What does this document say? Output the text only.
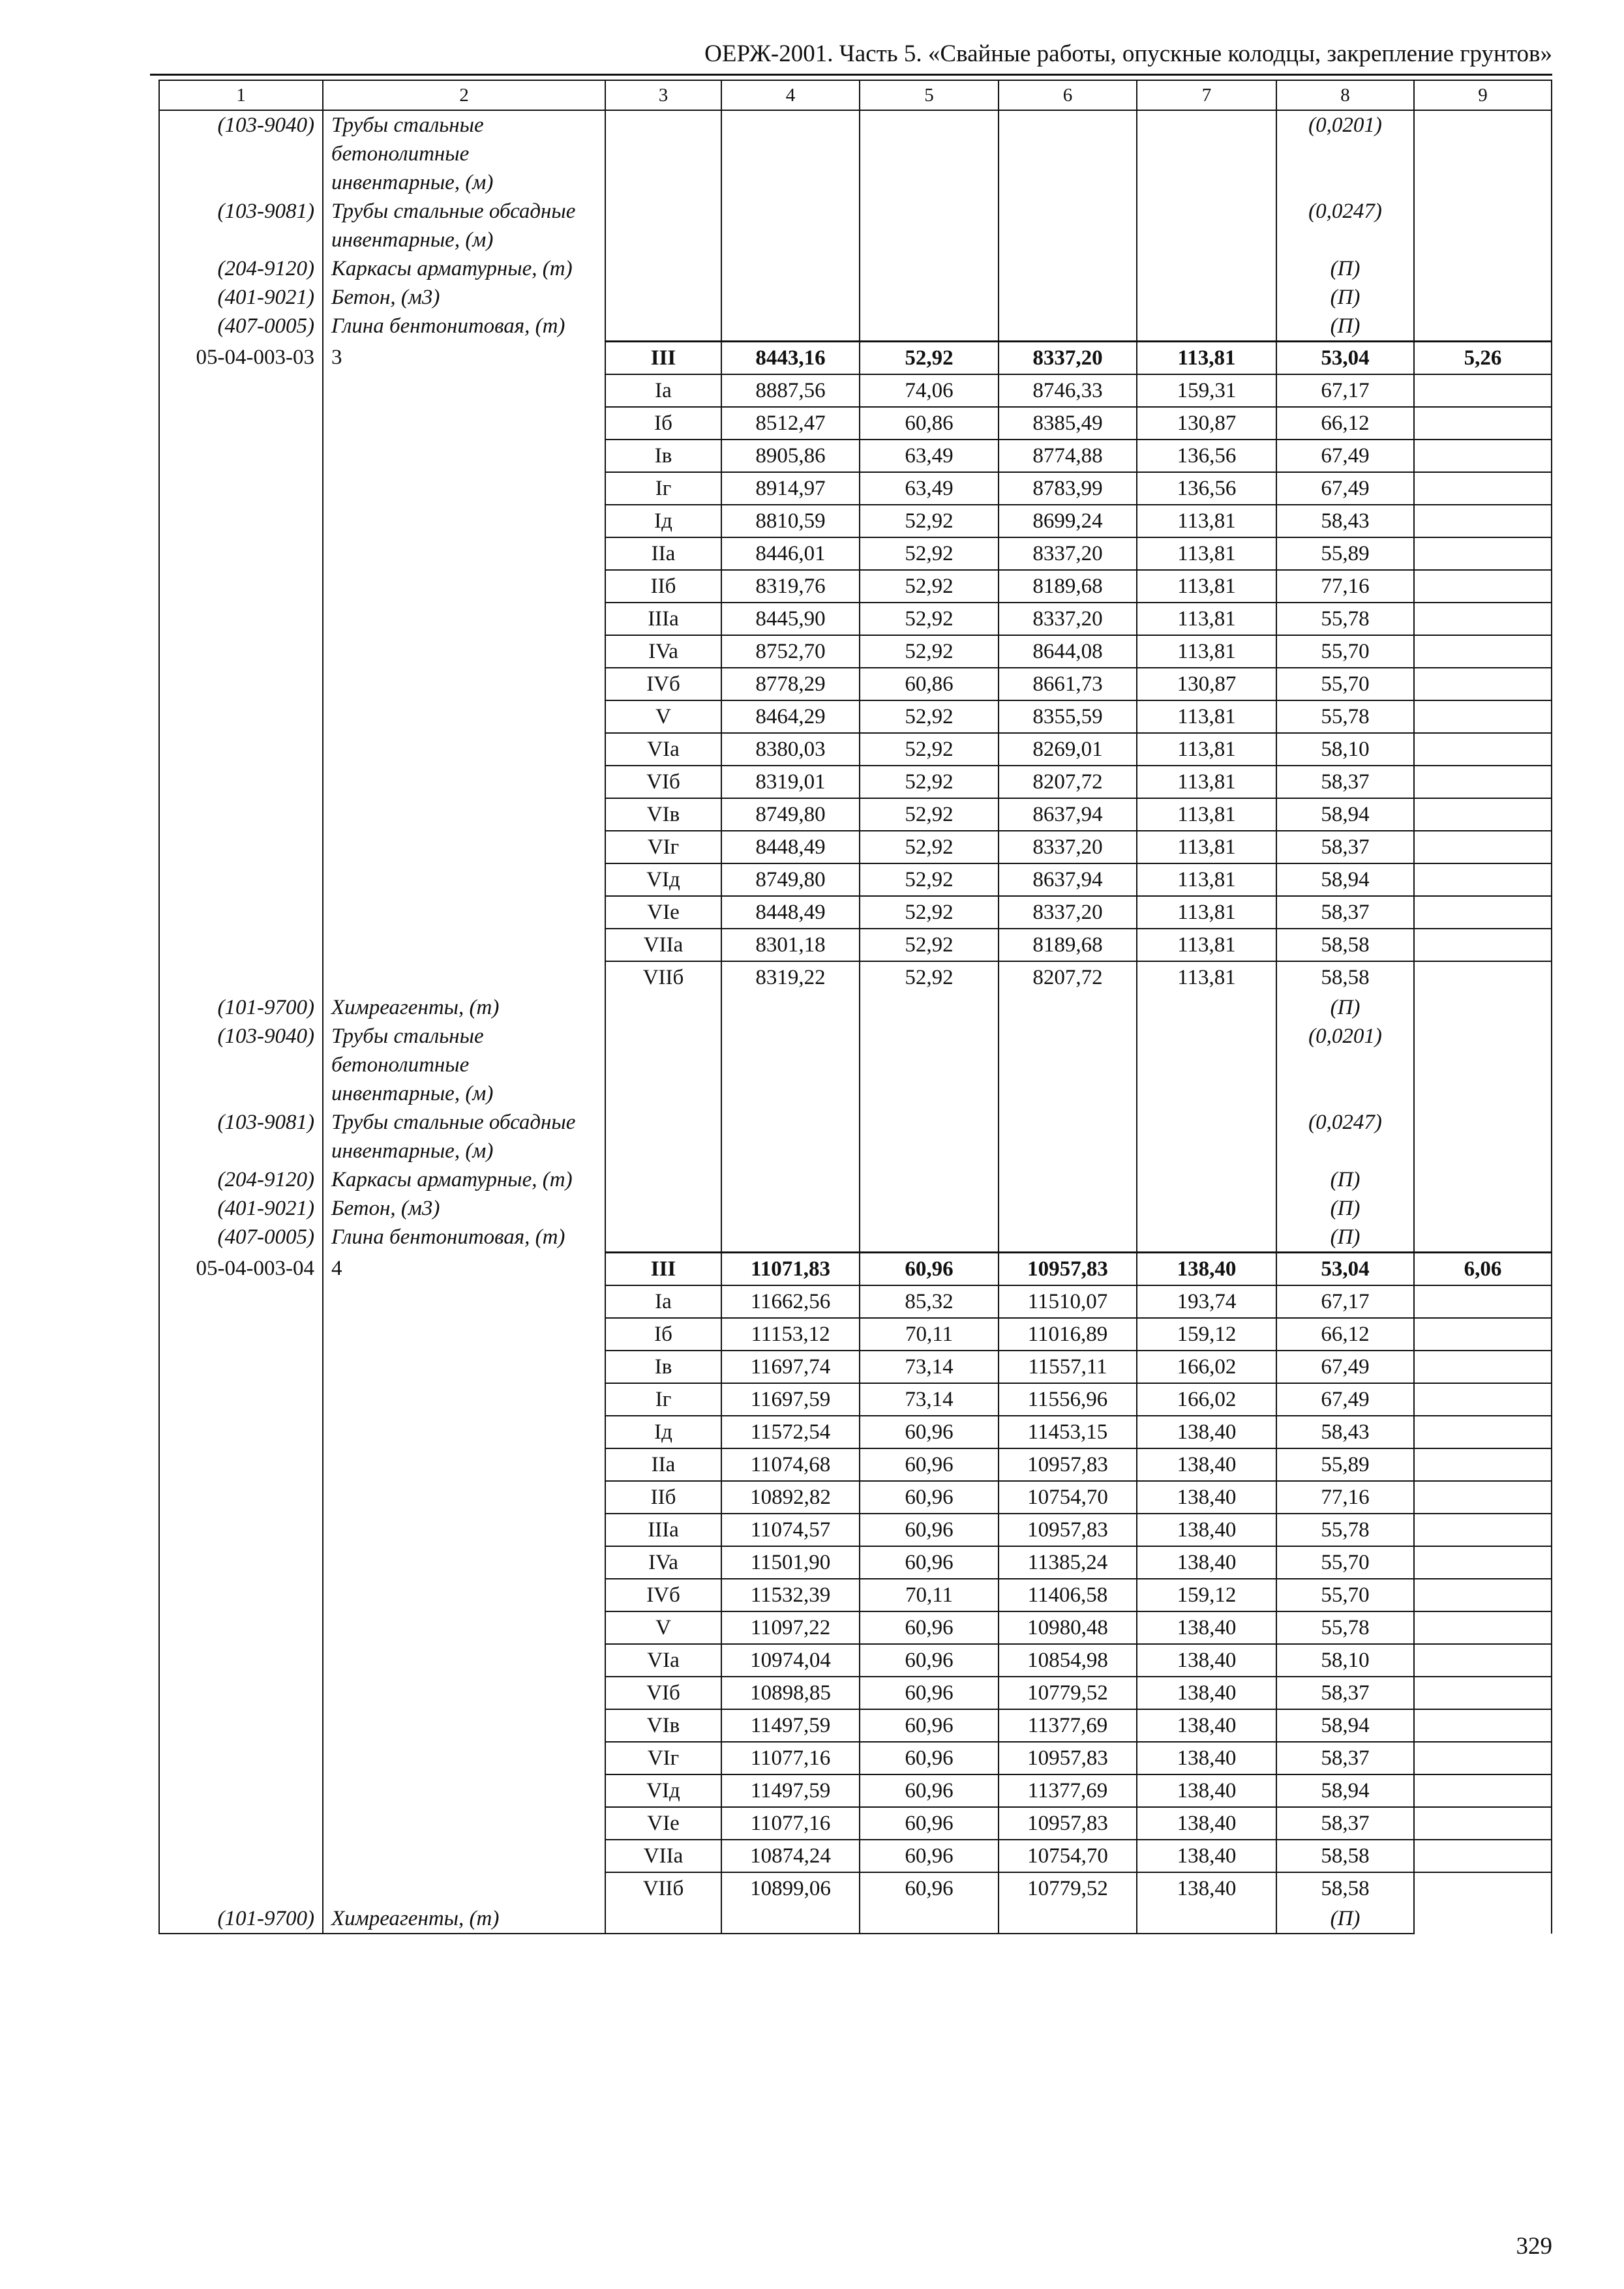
ОЕРЖ-2001. Часть 5. «Свайные работы, опускные колодцы, закрепление грунтов»
1	2	3	4	5	6	7	8	9
(103-9040)	Трубы стальные бетонолитные инвентарные, (м)						(0,0201)	
(103-9081)	Трубы стальные обсадные инвентарные, (м)						(0,0247)	
(204-9120)	Каркасы арматурные, (т)						(П)	
(401-9021)	Бетон, (м3)						(П)	
(407-0005)	Глина бентонитовая, (т)						(П)	
05-04-003-03	3	III	8443,16	52,92	8337,20	113,81	53,04	5,26
		Ia	8887,56	74,06	8746,33	159,31	67,17	
		Iб	8512,47	60,86	8385,49	130,87	66,12	
		Iв	8905,86	63,49	8774,88	136,56	67,49	
		Iг	8914,97	63,49	8783,99	136,56	67,49	
		Iд	8810,59	52,92	8699,24	113,81	58,43	
		IIa	8446,01	52,92	8337,20	113,81	55,89	
		IIб	8319,76	52,92	8189,68	113,81	77,16	
		IIIa	8445,90	52,92	8337,20	113,81	55,78	
		IVa	8752,70	52,92	8644,08	113,81	55,70	
		IVб	8778,29	60,86	8661,73	130,87	55,70	
		V	8464,29	52,92	8355,59	113,81	55,78	
		VIa	8380,03	52,92	8269,01	113,81	58,10	
		VIб	8319,01	52,92	8207,72	113,81	58,37	
		VIв	8749,80	52,92	8637,94	113,81	58,94	
		VIг	8448,49	52,92	8337,20	113,81	58,37	
		VIд	8749,80	52,92	8637,94	113,81	58,94	
		VIe	8448,49	52,92	8337,20	113,81	58,37	
		VIIa	8301,18	52,92	8189,68	113,81	58,58	
		VIIб	8319,22	52,92	8207,72	113,81	58,58	
(101-9700)	Химреагенты, (т)						(П)	
(103-9040)	Трубы стальные бетонолитные инвентарные, (м)						(0,0201)	
(103-9081)	Трубы стальные обсадные инвентарные, (м)						(0,0247)	
(204-9120)	Каркасы арматурные, (т)						(П)	
(401-9021)	Бетон, (м3)						(П)	
(407-0005)	Глина бентонитовая, (т)						(П)	
05-04-003-04	4	III	11071,83	60,96	10957,83	138,40	53,04	6,06
		Ia	11662,56	85,32	11510,07	193,74	67,17	
		Iб	11153,12	70,11	11016,89	159,12	66,12	
		Iв	11697,74	73,14	11557,11	166,02	67,49	
		Iг	11697,59	73,14	11556,96	166,02	67,49	
		Iд	11572,54	60,96	11453,15	138,40	58,43	
		IIa	11074,68	60,96	10957,83	138,40	55,89	
		IIб	10892,82	60,96	10754,70	138,40	77,16	
		IIIa	11074,57	60,96	10957,83	138,40	55,78	
		IVa	11501,90	60,96	11385,24	138,40	55,70	
		IVб	11532,39	70,11	11406,58	159,12	55,70	
		V	11097,22	60,96	10980,48	138,40	55,78	
		VIa	10974,04	60,96	10854,98	138,40	58,10	
		VIб	10898,85	60,96	10779,52	138,40	58,37	
		VIв	11497,59	60,96	11377,69	138,40	58,94	
		VIг	11077,16	60,96	10957,83	138,40	58,37	
		VIд	11497,59	60,96	11377,69	138,40	58,94	
		VIe	11077,16	60,96	10957,83	138,40	58,37	
		VIIa	10874,24	60,96	10754,70	138,40	58,58	
		VIIб	10899,06	60,96	10779,52	138,40	58,58	
(101-9700)	Химреагенты, (т)						(П)	
329
